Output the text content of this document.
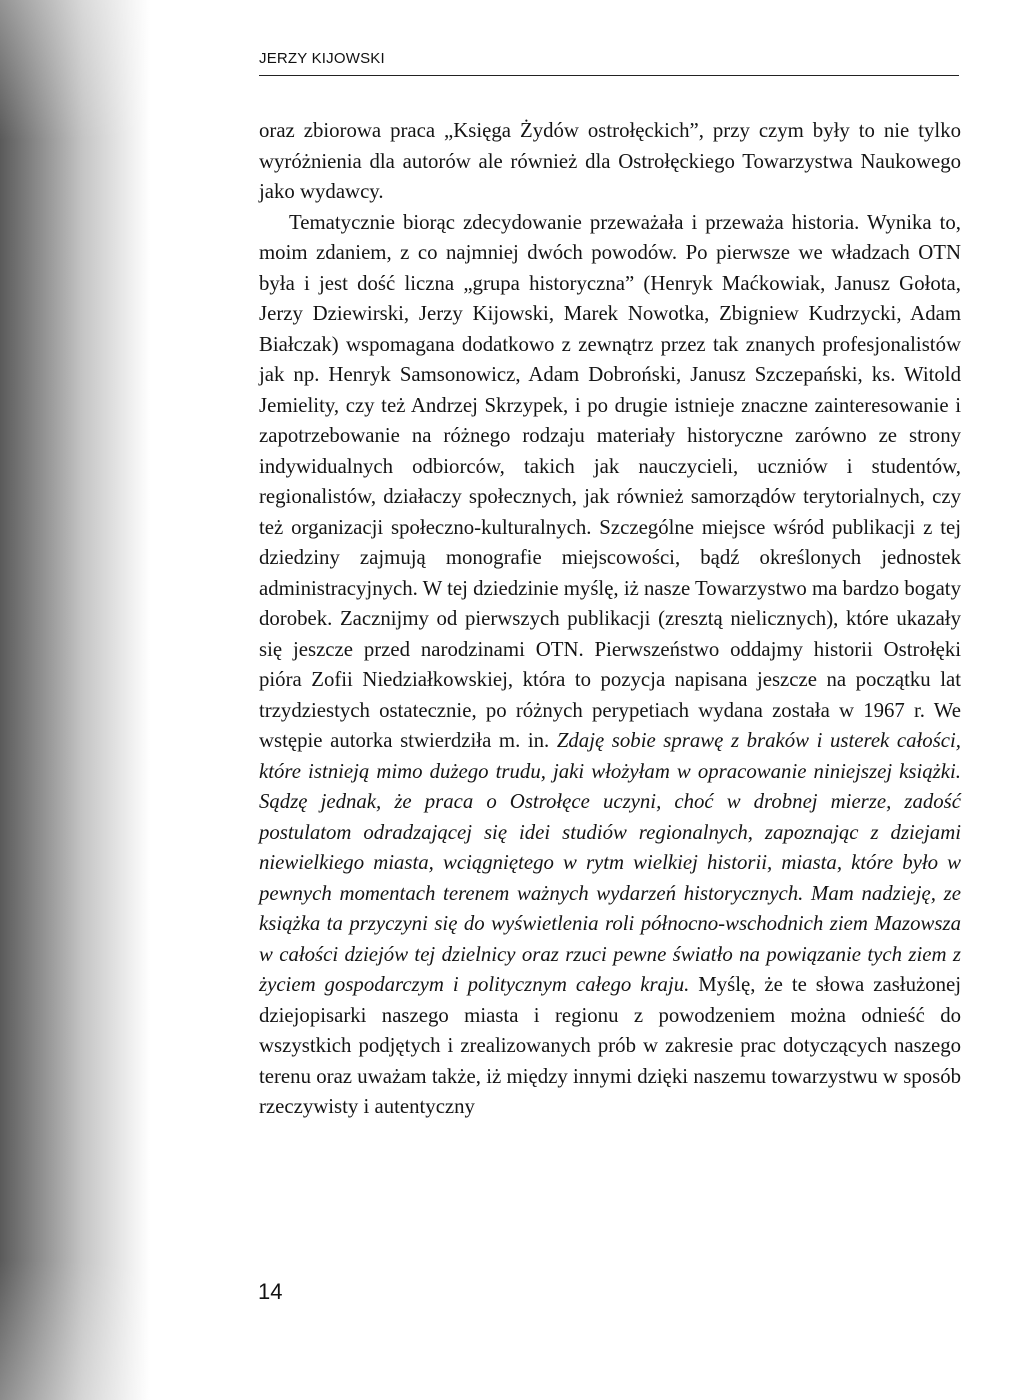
JERZY KIJOWSKI

oraz zbiorowa praca „Księga Żydów ostrołęckich”, przy czym były to nie tylko wyróżnienia dla autorów ale również dla Ostrołęckiego Towarzystwa Naukowego jako wydawcy.

Tematycznie biorąc zdecydowanie przeważała i przeważa historia. Wynika to, moim zdaniem, z co najmniej dwóch powodów. Po pierwsze we władzach OTN była i jest dość liczna „grupa historyczna” (Henryk Maćkowiak, Janusz Gołota, Jerzy Dziewirski, Jerzy Kijowski, Marek Nowotka, Zbigniew Kudrzycki, Adam Białczak) wspomagana dodatkowo z zewnątrz przez tak znanych profesjonalistów jak np. Henryk Samsonowicz, Adam Dobroński, Janusz Szczepański, ks. Witold Jemielity, czy też Andrzej Skrzypek, i po drugie istnieje znaczne zainteresowanie i zapotrzebowanie na różnego rodzaju materiały historyczne zarówno ze strony indywidualnych odbiorców, takich jak nauczycieli, uczniów i studentów, regionalistów, działaczy społecznych, jak również samorządów terytorialnych, czy też organizacji społeczno-kulturalnych. Szczególne miejsce wśród publikacji z tej dziedziny zajmują monografie miejscowości, bądź określonych jednostek administracyjnych. W tej dziedzinie myślę, iż nasze Towarzystwo ma bardzo bogaty dorobek. Zacznijmy od pierwszych publikacji (zresztą nielicznych), które ukazały się jeszcze przed narodzinami OTN. Pierwszeństwo oddajmy historii Ostrołęki pióra Zofii Niedziałkowskiej, która to pozycja napisana jeszcze na początku lat trzydziestych ostatecznie, po różnych perypetiach wydana została w 1967 r. We wstępie autorka stwierdziła m. in. Zdaję sobie sprawę z braków i usterek całości, które istnieją mimo dużego trudu, jaki włożyłam w opracowanie niniejszej książki. Sądzę jednak, że praca o Ostrołęce uczyni, choć w drobnej mierze, zadość postulatom odradzającej się idei studiów regionalnych, zapoznając z dziejami niewielkiego miasta, wciągniętego w rytm wielkiej historii, miasta, które było w pewnych momentach terenem ważnych wydarzeń historycznych. Mam nadzieję, ze książka ta przyczyni się do wyświetlenia roli północno-wschodnich ziem Mazowsza w całości dziejów tej dzielnicy oraz rzuci pewne światło na powiązanie tych ziem z życiem gospodarczym i politycznym całego kraju. Myślę, że te słowa zasłużonej dziejopisarki naszego miasta i regionu z powodzeniem można odnieść do wszystkich podjętych i zrealizowanych prób w zakresie prac dotyczących naszego terenu oraz uważam także, iż między innymi dzięki naszemu towarzystwu w sposób rzeczywisty i autentyczny

14
